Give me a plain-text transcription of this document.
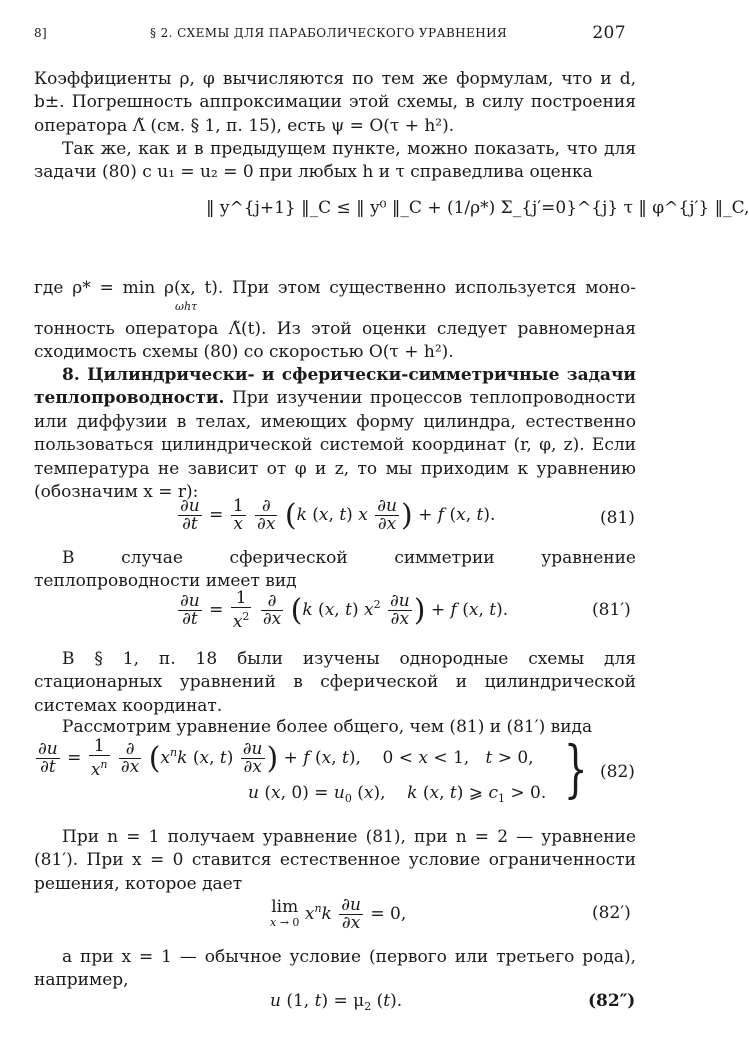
8]	§ 2. СХЕМЫ ДЛЯ ПАРАБОЛИЧЕСКОГО УРАВНЕНИЯ	207

Коэффициенты ρ, φ вычисляются по тем же формулам, что и d, b±. Погрешность аппроксимации этой схемы, в силу построения оператора Λ̃ (см. § 1, п. 15), есть ψ = O(τ + h²).

Так же, как и в предыдущем пункте, можно показать, что для задачи (80) с u₁ = u₂ = 0 при любых h и τ справедлива оценка

‖ y^{j+1} ‖_C ≤ ‖ y⁰ ‖_C + (1/ρ*) Σ_{j′=0}^{j} τ ‖ φ^{j′} ‖_C,

где ρ* = min ρ(x, t). При этом существенно используется моно-

ωhτ

тонность оператора Λ̃(t). Из этой оценки следует равномерная сходимость схемы (80) со скоростью O(τ + h²).

8. Цилиндрически- и сферически-симметричные задачи теплопроводности. При изучении процессов теплопроводности или диффузии в телах, имеющих форму цилиндра, естественно пользоваться цилиндрической системой координат (r, φ, z). Если температура не зависит от φ и z, то мы приходим к уравнению (обозначим x = r):

$\frac{\partial u}{\partial t} = \frac{1}{x}$
$\frac{\partial}{\partial x} (k$ (x, t) x $\frac{\partial u}{\partial x}$ ) + f (x, t).	(81)

В случае сферической симметрии уравнение теплопроводности имеет вид

$\frac{\partial u}{\partial t} = \frac{1}{x^2}$
$\frac{\partial}{\partial x} (k$ (x, t) $x^2 \frac{\partial u}{\partial x}$ ) + f (x, t).	(81′)

В § 1, п. 18 были изучены однородные схемы для стационарных уравнений в сферической и цилиндрической системах координат.

Рассмотрим уравнение более общего, чем (81) и (81′) вида

$\frac{\partial u}{\partial t} = \frac{1}{x^n}$
$\frac{\partial}{\partial x} (x^nk$ (x, $t) \frac{\partial u}{\partial x}$ ) + f (x, t),    0 < x < 1,   t > 0,
u (x, $0) = u_0$ (x),    k (x, t) ⩾ $c_1 > 0$. } (82)

При n = 1 получаем уравнение (81), при n = 2 — уравнение (81′). При x = 0 ставится естественное условие ограниченности решения, которое дает

lim
x → 0 $x^nk \frac{\partial u}{\partial x} = 0$,	(82′)

а при x = 1 — обычное условие (первого или третьего рода), например,

u (1, $t) = \mu_2$ (t).	(82″)
